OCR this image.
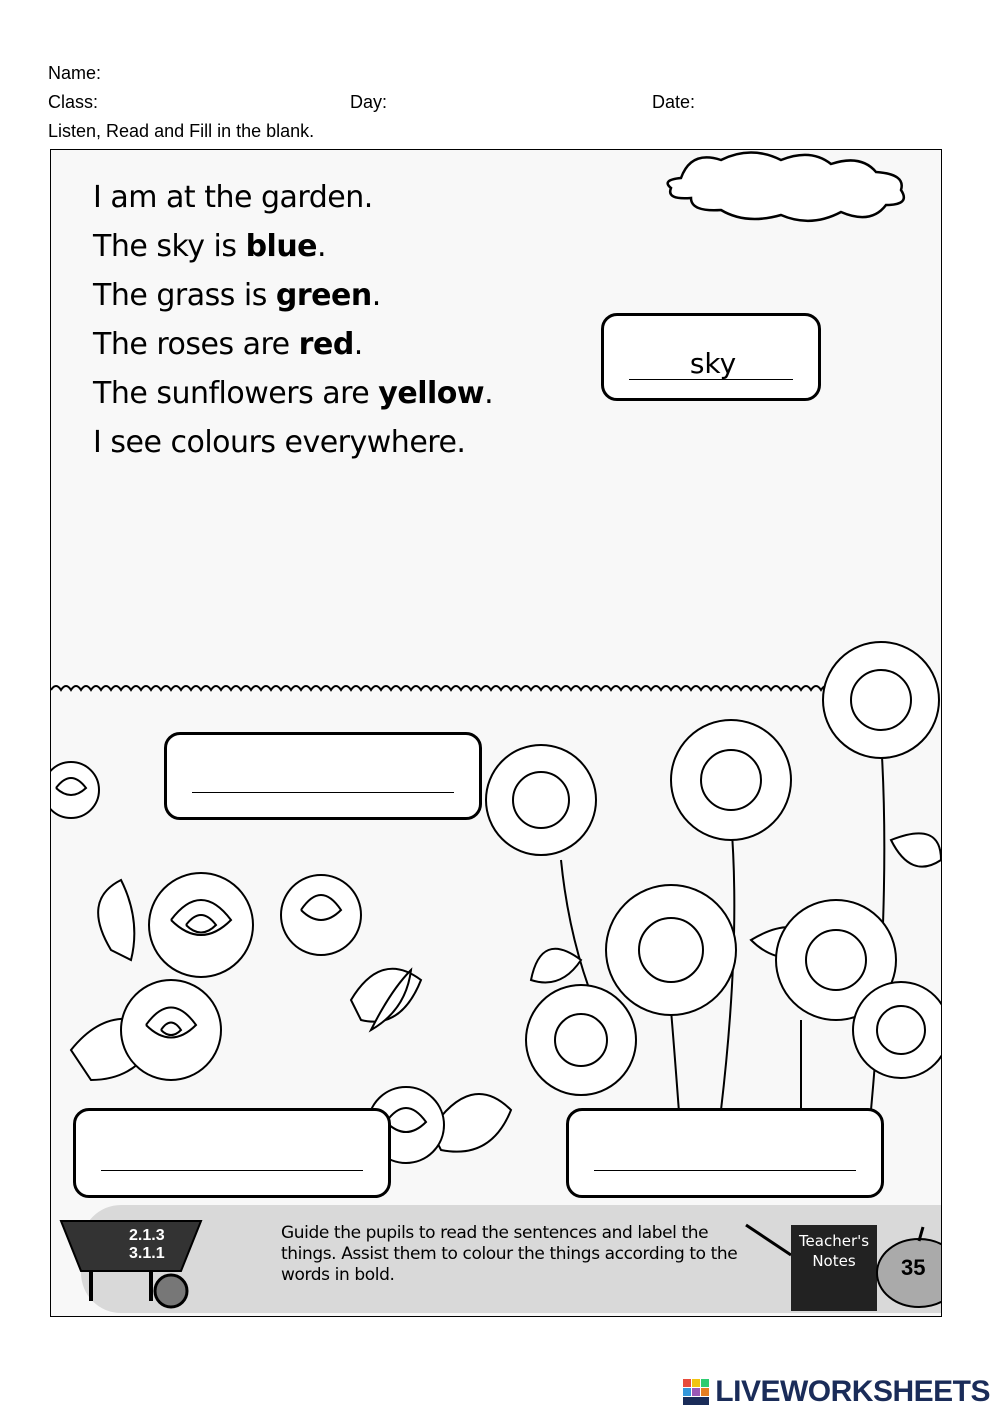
Name:
Class:	Day:	Date:
Listen, Read and Fill in the blank.
I am at the garden.
The sky is blue.
The grass is green.
The roses are red.
The sunflowers are yellow.
I see colours everywhere.
sky
2.1.3
3.1.1
Guide the pupils to read the sentences and label the things. Assist them to colour the things according to the words in bold.
Teacher's Notes	35
LIVEWORKSHEETS
